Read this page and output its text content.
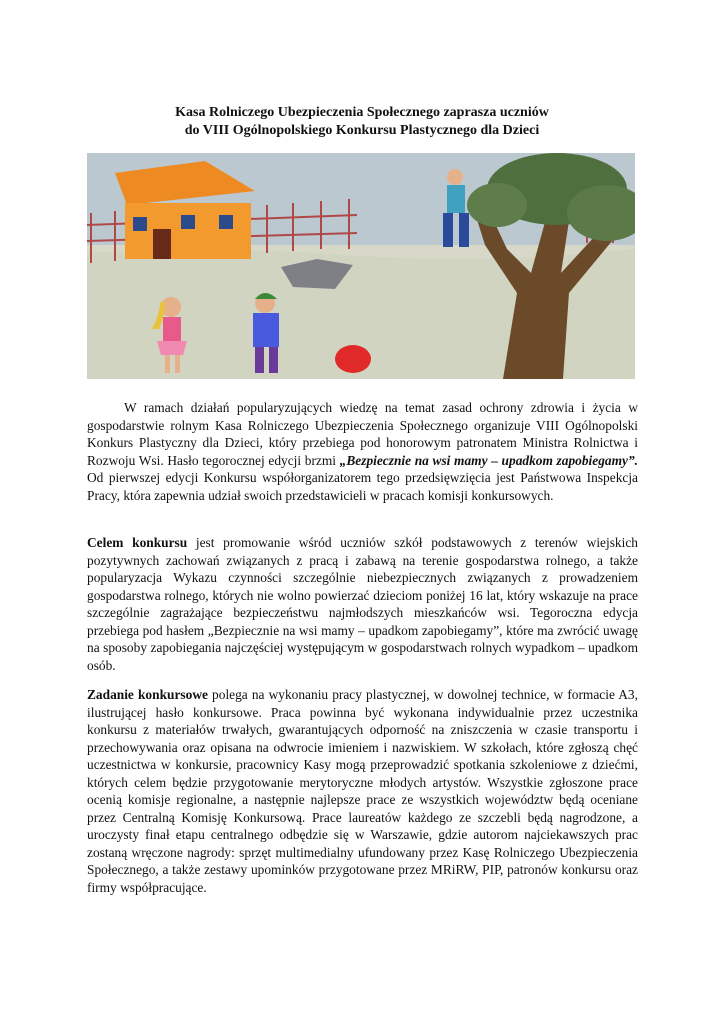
Kasa Rolniczego Ubezpieczenia Społecznego zaprasza uczniów
do VIII Ogólnopolskiego Konkursu Plastycznego dla Dzieci

W ramach działań popularyzujących wiedzę na temat zasad ochrony zdrowia i życia w gospodarstwie rolnym Kasa Rolniczego Ubezpieczenia Społecznego organizuje VIII Ogólnopolski Konkurs Plastyczny dla Dzieci, który przebiega pod honorowym patronatem Ministra Rolnictwa i Rozwoju Wsi. Hasło tegorocznej edycji brzmi „Bezpiecznie na wsi mamy – upadkom zapobiegamy”. Od pierwszej edycji Konkursu współorganizatorem tego przedsięwzięcia jest Państwowa Inspekcja Pracy, która zapewnia udział swoich przedstawicieli w pracach komisji konkursowych.

Celem konkursu jest promowanie wśród uczniów szkół podstawowych z terenów wiejskich pozytywnych zachowań związanych z pracą i zabawą na terenie gospodarstwa rolnego, a także popularyzacja Wykazu czynności szczególnie niebezpiecznych związanych z prowadzeniem gospodarstwa rolnego, których nie wolno powierzać dzieciom poniżej 16 lat, który wskazuje na prace szczególnie zagrażające bezpieczeństwu najmłodszych mieszkańców wsi. Tegoroczna edycja przebiega pod hasłem „Bezpiecznie na wsi mamy – upadkom zapobiegamy”, które ma zwrócić uwagę na sposoby zapobiegania najczęściej występującym w gospodarstwach rolnych wypadkom – upadkom osób.

Zadanie konkursowe polega na wykonaniu pracy plastycznej, w dowolnej technice, w formacie A3, ilustrującej hasło konkursowe. Praca powinna być wykonana indywidualnie przez uczestnika konkursu z materiałów trwałych, gwarantujących odporność na zniszczenia w czasie transportu i przechowywania oraz opisana na odwrocie imieniem i nazwiskiem. W szkołach, które zgłoszą chęć uczestnictwa w konkursie, pracownicy Kasy mogą przeprowadzić spotkania szkoleniowe z dziećmi, których celem będzie przygotowanie merytoryczne młodych artystów. Wszystkie zgłoszone prace ocenią komisje regionalne, a następnie najlepsze prace ze wszystkich województw będą oceniane przez Centralną Komisję Konkursową. Prace laureatów każdego ze szczebli będą nagrodzone, a uroczysty finał etapu centralnego odbędzie się w Warszawie, gdzie autorom najciekawszych prac zostaną wręczone nagrody: sprzęt multimedialny ufundowany przez Kasę Rolniczego Ubezpieczenia Społecznego, a także zestawy upominków przygotowane przez MRiRW, PIP, patronów konkursu oraz firmy współpracujące.
